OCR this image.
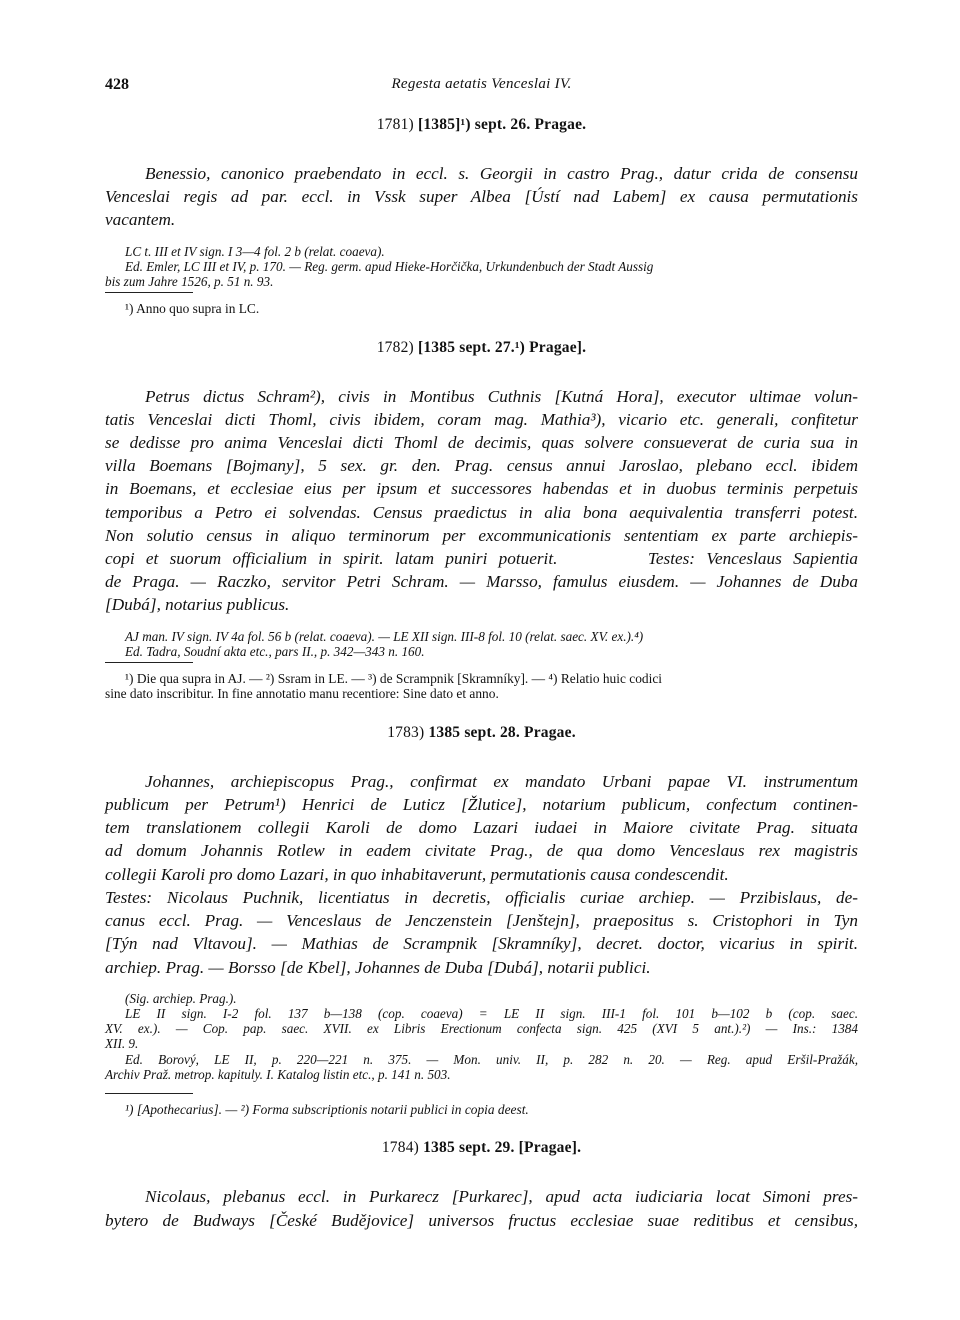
428	Regesta aetatis Venceslai IV.
1781) [1385]¹) sept. 26. Pragae.

Benessio, canonico praebendato in eccl. s. Georgii in castro Prag., datur crida de consensu
Venceslai regis ad par. eccl. in Vssk super Albea [Ústí nad Labem] ex causa permutationis
vacantem.

LC t. III et IV sign. I 3—4 fol. 2 b (relat. coaeva).
Ed. Emler, LC III et IV, p. 170. — Reg. germ. apud Hieke-Horčička, Urkundenbuch der Stadt Aussig
bis zum Jahre 1526, p. 51 n. 93.
¹) Anno quo supra in LC.
1782) [1385 sept. 27.¹) Pragae].

Petrus dictus Schram²), civis in Montibus Cuthnis [Kutná Hora], executor ultimae volun-
tatis Venceslai dicti Thoml, civis ibidem, coram mag. Mathia³), vicario etc. generali, confitetur
se dedisse pro anima Venceslai dicti Thoml de decimis, quas solvere consueverat de curia sua in
villa Boemans [Bojmany], 5 sex. gr. den. Prag. census annui Jaroslao, plebano eccl. ibidem
in Boemans, et ecclesiae eius per ipsum et successores habendas et in duobus terminis perpetuis
temporibus a Petro ei solvendas. Census praedictus in alia bona aequivalentia transferri potest.
Non solutio census in aliquo terminorum per excommunicationis sententiam ex parte archiepis-
copi et suorum officialium in spirit. latam puniri potuerit.        Testes: Venceslaus Sapientia
de Praga. — Raczko, servitor Petri Schram. — Marsso, famulus eiusdem. — Johannes de Duba
[Dubá], notarius publicus.

AJ man. IV sign. IV 4a fol. 56 b (relat. coaeva). — LE XII sign. III-8 fol. 10 (relat. saec. XV. ex.).⁴)
Ed. Tadra, Soudní akta etc., pars II., p. 342—343 n. 160.
¹) Die qua supra in AJ. — ²) Ssram in LE. — ³) de Scrampnik [Skramníky]. — ⁴) Relatio huic codici
sine dato inscribitur. In fine annotatio manu recentiore: Sine dato et anno.
1783) 1385 sept. 28. Pragae.

Johannes, archiepiscopus Prag., confirmat ex mandato Urbani papae VI. instrumentum
publicum per Petrum¹) Henrici de Luticz [Žlutice], notarium publicum, confectum continen-
tem translationem collegii Karoli de domo Lazari iudaei in Maiore civitate Prag. situata
ad domum Johannis Rotlew in eadem civitate Prag., de qua domo Venceslaus rex magistris
collegii Karoli pro domo Lazari, in quo inhabitaverunt, permutationis causa condescendit.
Testes: Nicolaus Puchnik, licentiatus in decretis, officialis curiae archiep. — Przibislaus, de-
canus eccl. Prag. — Venceslaus de Jenczenstein [Jenštejn], praepositus s. Cristophori in Tyn
[Týn nad Vltavou]. — Mathias de Scrampnik [Skramníky], decret. doctor, vicarius in spirit.
archiep. Prag. — Borsso [de Kbel], Johannes de Duba [Dubá], notarii publici.

(Sig. archiep. Prag.).
LE II sign. I-2 fol. 137 b—138 (cop. coaeva) = LE II sign. III-1 fol. 101 b—102 b (cop. saec.
XV. ex.). — Cop. pap. saec. XVII. ex Libris Erectionum confecta sign. 425 (XVI 5 ant.).²) — Ins.: 1384
XII. 9.
Ed. Borový, LE II, p. 220—221 n. 375. — Mon. univ. II, p. 282 n. 20. — Reg. apud Eršil-Pražák,
Archiv Praž. metrop. kapituly. I. Katalog listin etc., p. 141 n. 503.
¹) [Apothecarius]. — ²) Forma subscriptionis notarii publici in copia deest.
1784) 1385 sept. 29. [Pragae].

Nicolaus, plebanus eccl. in Purkarecz [Purkarec], apud acta iudiciaria locat Simoni pres-
bytero de Budways [České Budějovice] universos fructus ecclesiae suae reditibus et censibus,
